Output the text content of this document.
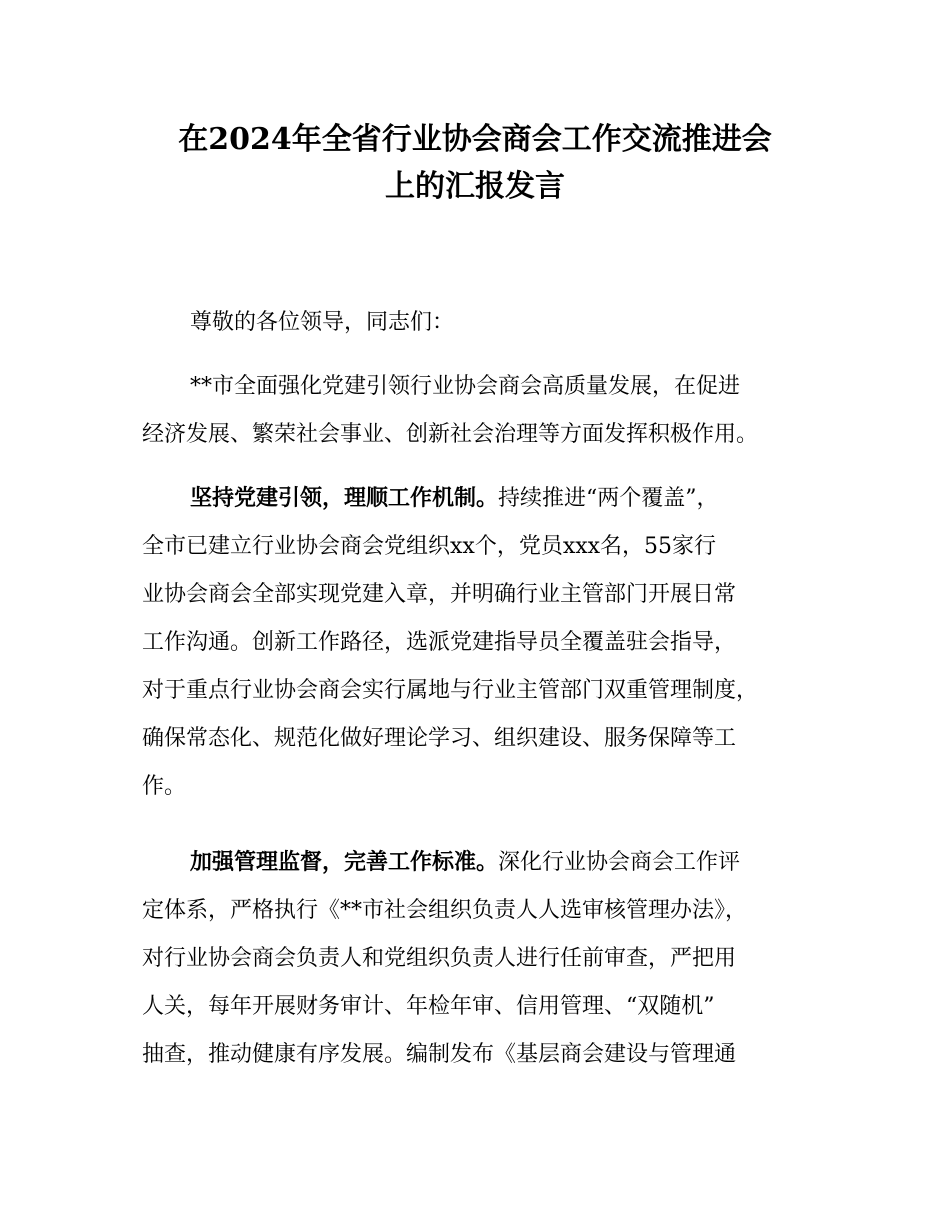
在2024年全省行业协会商会工作交流推进会
上的汇报发言
尊敬的各位领导，同志们：
**市全面强化党建引领行业协会商会高质量发展，在促进
经济发展、繁荣社会事业、创新社会治理等方面发挥积极作用。
坚持党建引领，理顺工作机制。持续推进“两个覆盖”，
全市已建立行业协会商会党组织xx个，党员xxx名，55家行
业协会商会全部实现党建入章，并明确行业主管部门开展日常
工作沟通。创新工作路径，选派党建指导员全覆盖驻会指导，
对于重点行业协会商会实行属地与行业主管部门双重管理制度，
确保常态化、规范化做好理论学习、组织建设、服务保障等工
作。
加强管理监督，完善工作标准。深化行业协会商会工作评
定体系，严格执行《**市社会组织负责人人选审核管理办法》，
对行业协会商会负责人和党组织负责人进行任前审查，严把用
人关，每年开展财务审计、年检年审、信用管理、“双随机”
抽查，推动健康有序发展。编制发布《基层商会建设与管理通
